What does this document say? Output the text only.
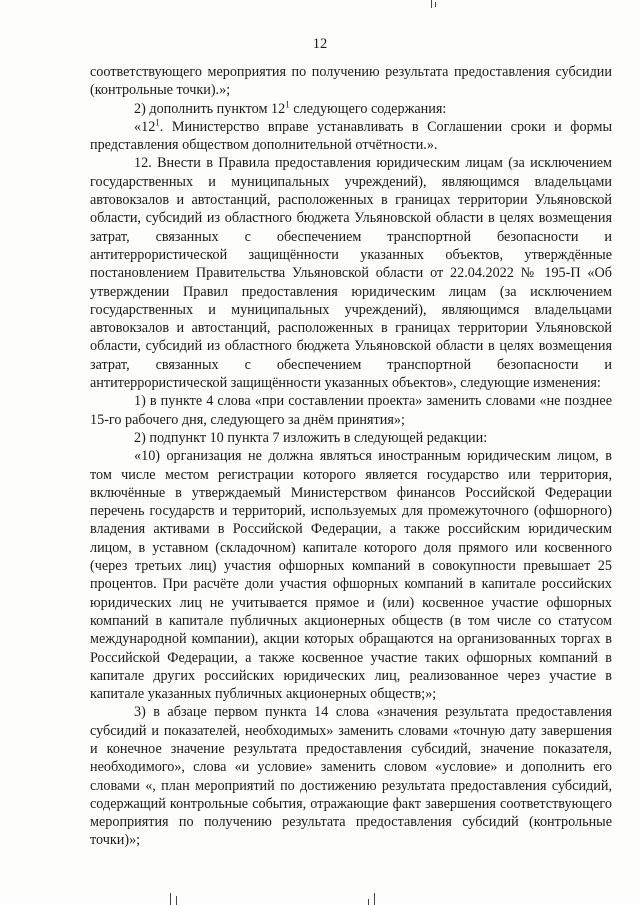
12

соответствующего мероприятия по получению результата предоставления субсидии (контрольные точки).»;

2) дополнить пунктом $12^1$ следующего содержания:

«$12^1$. Министерство вправе устанавливать в Соглашении сроки и формы представления обществом дополнительной отчётности.».

12. Внести в Правила предоставления юридическим лицам (за исключением государственных и муниципальных учреждений), являющимся владельцами автовокзалов и автостанций, расположенных в границах территории Ульяновской области, субсидий из областного бюджета Ульяновской области в целях возмещения затрат, связанных с обеспечением транспортной безопасности и антитеррористической защищённости указанных объектов, утверждённые постановлением Правительства Ульяновской области от 22.04.2022 № 195-П «Об утверждении Правил предоставления юридическим лицам (за исключением государственных и муниципальных учреждений), являющимся владельцами автовокзалов и автостанций, расположенных в границах территории Ульяновской области, субсидий из областного бюджета Ульяновской области в целях возмещения затрат, связанных с обеспечением транспортной безопасности и антитеррористической защищённости указанных объектов», следующие изменения:

1) в пункте 4 слова «при составлении проекта» заменить словами «не позднее 15-го рабочего дня, следующего за днём принятия»;

2) подпункт 10 пункта 7 изложить в следующей редакции:

«10) организация не должна являться иностранным юридическим лицом, в том числе местом регистрации которого является государство или территория, включённые в утверждаемый Министерством финансов Российской Федерации перечень государств и территорий, используемых для промежуточного (офшорного) владения активами в Российской Федерации, а также российским юридическим лицом, в уставном (складочном) капитале которого доля прямого или косвенного (через третьих лиц) участия офшорных компаний в совокупности превышает 25 процентов. При расчёте доли участия офшорных компаний в капитале российских юридических лиц не учитывается прямое и (или) косвенное участие офшорных компаний в капитале публичных акционерных обществ (в том числе со статусом международной компании), акции которых обращаются на организованных торгах в Российской Федерации, а также косвенное участие таких офшорных компаний в капитале других российских юридических лиц, реализованное через участие в капитале указанных публичных акционерных обществ;»;

3) в абзаце первом пункта 14 слова «значения результата предоставления субсидий и показателей, необходимых» заменить словами «точную дату завершения и конечное значение результата предоставления субсидий, значение показателя, необходимого», слова «и условие» заменить словом «условие» и дополнить его словами «, план мероприятий по достижению результата предоставления субсидий, содержащий контрольные события, отражающие факт завершения соответствующего мероприятия по получению результата предоставления субсидий (контрольные точки)»;
